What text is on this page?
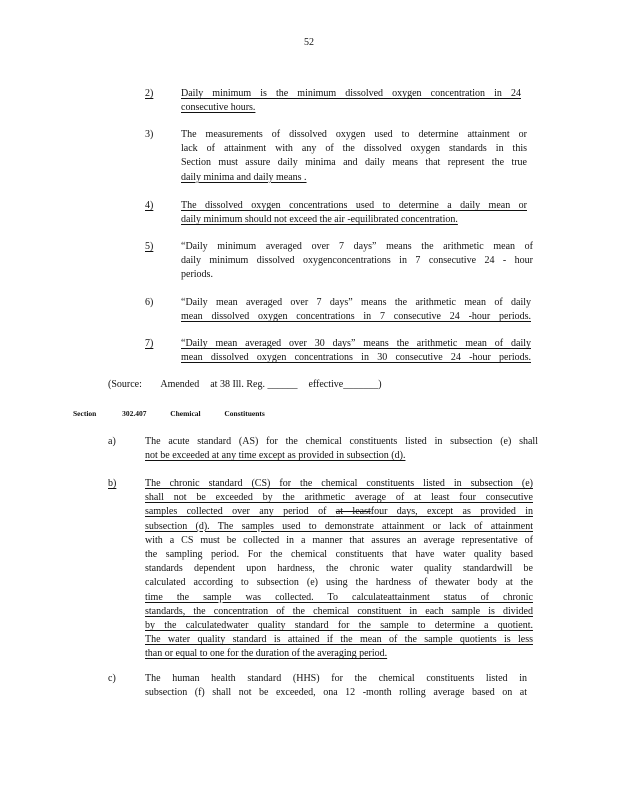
52
2)	Daily minimum is the minimum dissolved oxygen concentration in 24
consecutive hours.
3)	The measurements of dissolved oxygen used to determine attainment or
lack of attainment with any of the dissolved oxygen standards in this
Section must assure daily minima and daily means that represent the true
daily minima and daily means .
4)	The dissolved oxygen concentrations used to determine a daily mean or
daily minimum should not exceed the air -equilibrated concentration.
5)	“Daily minimum averaged over 7 days” means the arithmetic mean of
daily minimum dissolved oxygenconcentrations in 7 consecutive 24 - hour
periods.
6)	“Daily mean averaged over 7 days” means the arithmetic mean of daily
mean dissolved oxygen concentrations in 7 consecutive 24 -hour periods.
7)	“Daily mean averaged over 30 days” means the arithmetic mean of daily
mean dissolved oxygen concentrations in 30 consecutive 24 -hour periods.
(Source: Amended at 38 Ill. Reg. ______ effective_______)
Section	302.407	Chemical	Constituents
a)	The acute standard (AS) for the chemical constituents listed in subsection (e) shall
not be exceeded at any time except as provided in subsection (d).
b)	The chronic standard (CS) for the chemical constituents listed in subsection (e)
shall not be exceeded by the arithmetic average of at least four consecutive
samples collected over any period of at leastfour days, except as provided in
subsection (d). The samples used to demonstrate attainment or lack of attainment
with a CS must be collected in a manner that assures an average representative of
the sampling period. For the chemical constituents that have water quality based
standards dependent upon hardness, the chronic water quality standardwill be
calculated according to subsection (e) using the hardness of thewater body at the
time the sample was collected. To calculateattainment status of chronic
standards, the concentration of the chemical constituent in each sample is divided
by the calculatedwater quality standard for the sample to determine a quotient.
The water quality standard is attained if the mean of the sample quotients is less
than or equal to one for the duration of the averaging period.
c)	The human health standard (HHS) for the chemical constituents listed in
subsection (f) shall not be exceeded, ona 12 -month rolling average based on at
